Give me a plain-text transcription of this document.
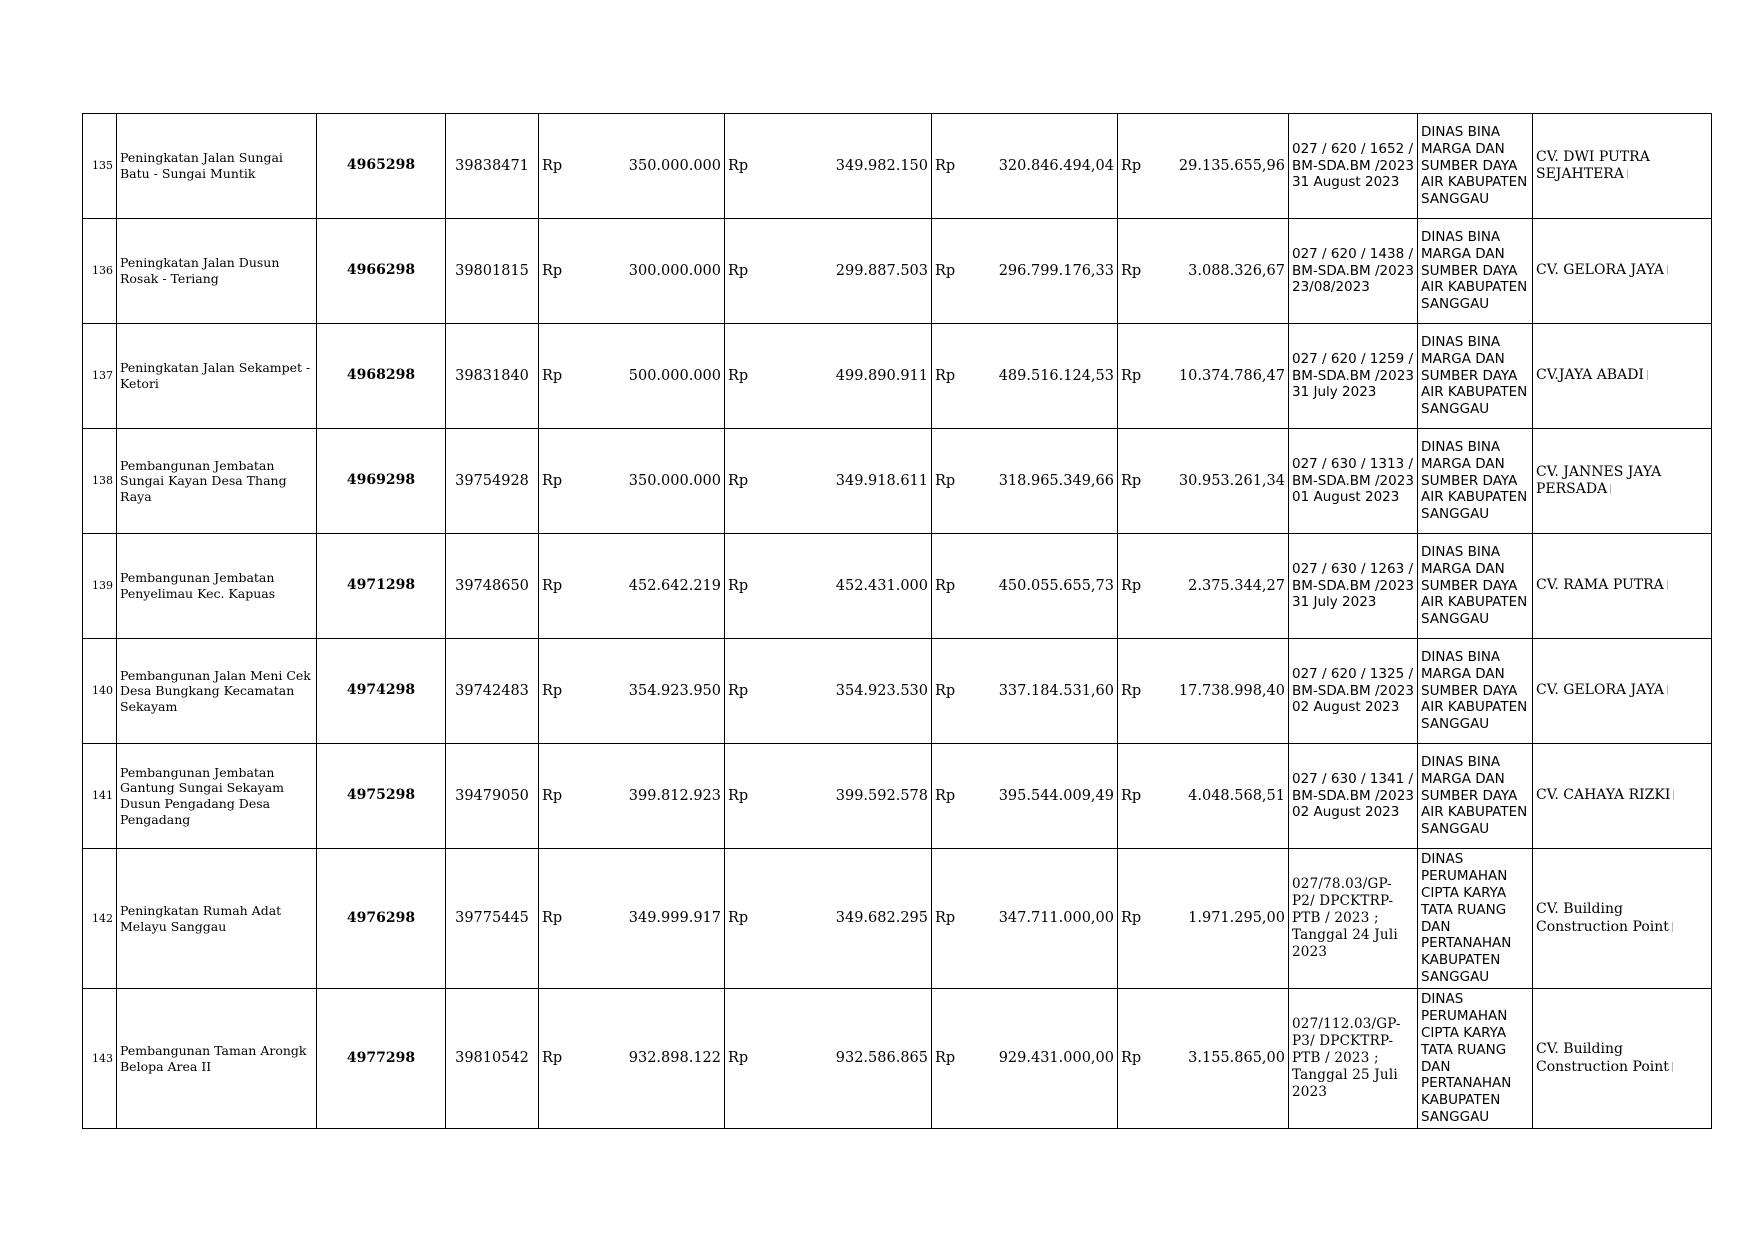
135	Peningkatan Jalan Sungai Batu - Sungai Muntik	4965298	39838471	Rp	350.000.000	Rp	349.982.150	Rp	320.846.494,04	Rp	29.135.655,96	027 / 620 / 1652 / BM-SDA.BM /2023 31 August 2023	DINAS BINA MARGA DAN SUMBER DAYA AIR KABUPATEN SANGGAU	CV. DWI PUTRA SEJAHTERA
136	Peningkatan Jalan Dusun Rosak - Teriang	4966298	39801815	Rp	300.000.000	Rp	299.887.503	Rp	296.799.176,33	Rp	3.088.326,67	027 / 620 / 1438 / BM-SDA.BM /2023 23/08/2023	DINAS BINA MARGA DAN SUMBER DAYA AIR KABUPATEN SANGGAU	CV. GELORA JAYA
137	Peningkatan Jalan Sekampet - Ketori	4968298	39831840	Rp	500.000.000	Rp	499.890.911	Rp	489.516.124,53	Rp	10.374.786,47	027 / 620 / 1259 / BM-SDA.BM /2023 31 July 2023	DINAS BINA MARGA DAN SUMBER DAYA AIR KABUPATEN SANGGAU	CV.JAYA ABADI
138	Pembangunan Jembatan Sungai Kayan Desa Thang Raya	4969298	39754928	Rp	350.000.000	Rp	349.918.611	Rp	318.965.349,66	Rp	30.953.261,34	027 / 630 / 1313 / BM-SDA.BM /2023 01 August 2023	DINAS BINA MARGA DAN SUMBER DAYA AIR KABUPATEN SANGGAU	CV. JANNES JAYA PERSADA
139	Pembangunan Jembatan Penyelimau Kec. Kapuas	4971298	39748650	Rp	452.642.219	Rp	452.431.000	Rp	450.055.655,73	Rp	2.375.344,27	027 / 630 / 1263 / BM-SDA.BM /2023 31 July 2023	DINAS BINA MARGA DAN SUMBER DAYA AIR KABUPATEN SANGGAU	CV. RAMA PUTRA
140	Pembangunan Jalan Meni Cek Desa Bungkang Kecamatan Sekayam	4974298	39742483	Rp	354.923.950	Rp	354.923.530	Rp	337.184.531,60	Rp	17.738.998,40	027 / 620 / 1325 / BM-SDA.BM /2023 02 August 2023	DINAS BINA MARGA DAN SUMBER DAYA AIR KABUPATEN SANGGAU	CV. GELORA JAYA
141	Pembangunan Jembatan Gantung Sungai Sekayam Dusun Pengadang Desa Pengadang	4975298	39479050	Rp	399.812.923	Rp	399.592.578	Rp	395.544.009,49	Rp	4.048.568,51	027 / 630 / 1341 / BM-SDA.BM /2023 02 August 2023	DINAS BINA MARGA DAN SUMBER DAYA AIR KABUPATEN SANGGAU	CV. CAHAYA RIZKI
142	Peningkatan Rumah Adat Melayu Sanggau	4976298	39775445	Rp	349.999.917	Rp	349.682.295	Rp	347.711.000,00	Rp	1.971.295,00	027/78.03/GP-P2/ DPCKTRP-PTB / 2023 ; Tanggal 24 Juli 2023	DINAS PERUMAHAN CIPTA KARYA TATA RUANG DAN PERTANAHAN KABUPATEN SANGGAU	CV. Building Construction Point
143	Pembangunan Taman Arongk Belopa Area II	4977298	39810542	Rp	932.898.122	Rp	932.586.865	Rp	929.431.000,00	Rp	3.155.865,00	027/112.03/GP-P3/ DPCKTRP-PTB / 2023 ; Tanggal 25 Juli 2023	DINAS PERUMAHAN CIPTA KARYA TATA RUANG DAN PERTANAHAN KABUPATEN SANGGAU	CV. Building Construction Point
